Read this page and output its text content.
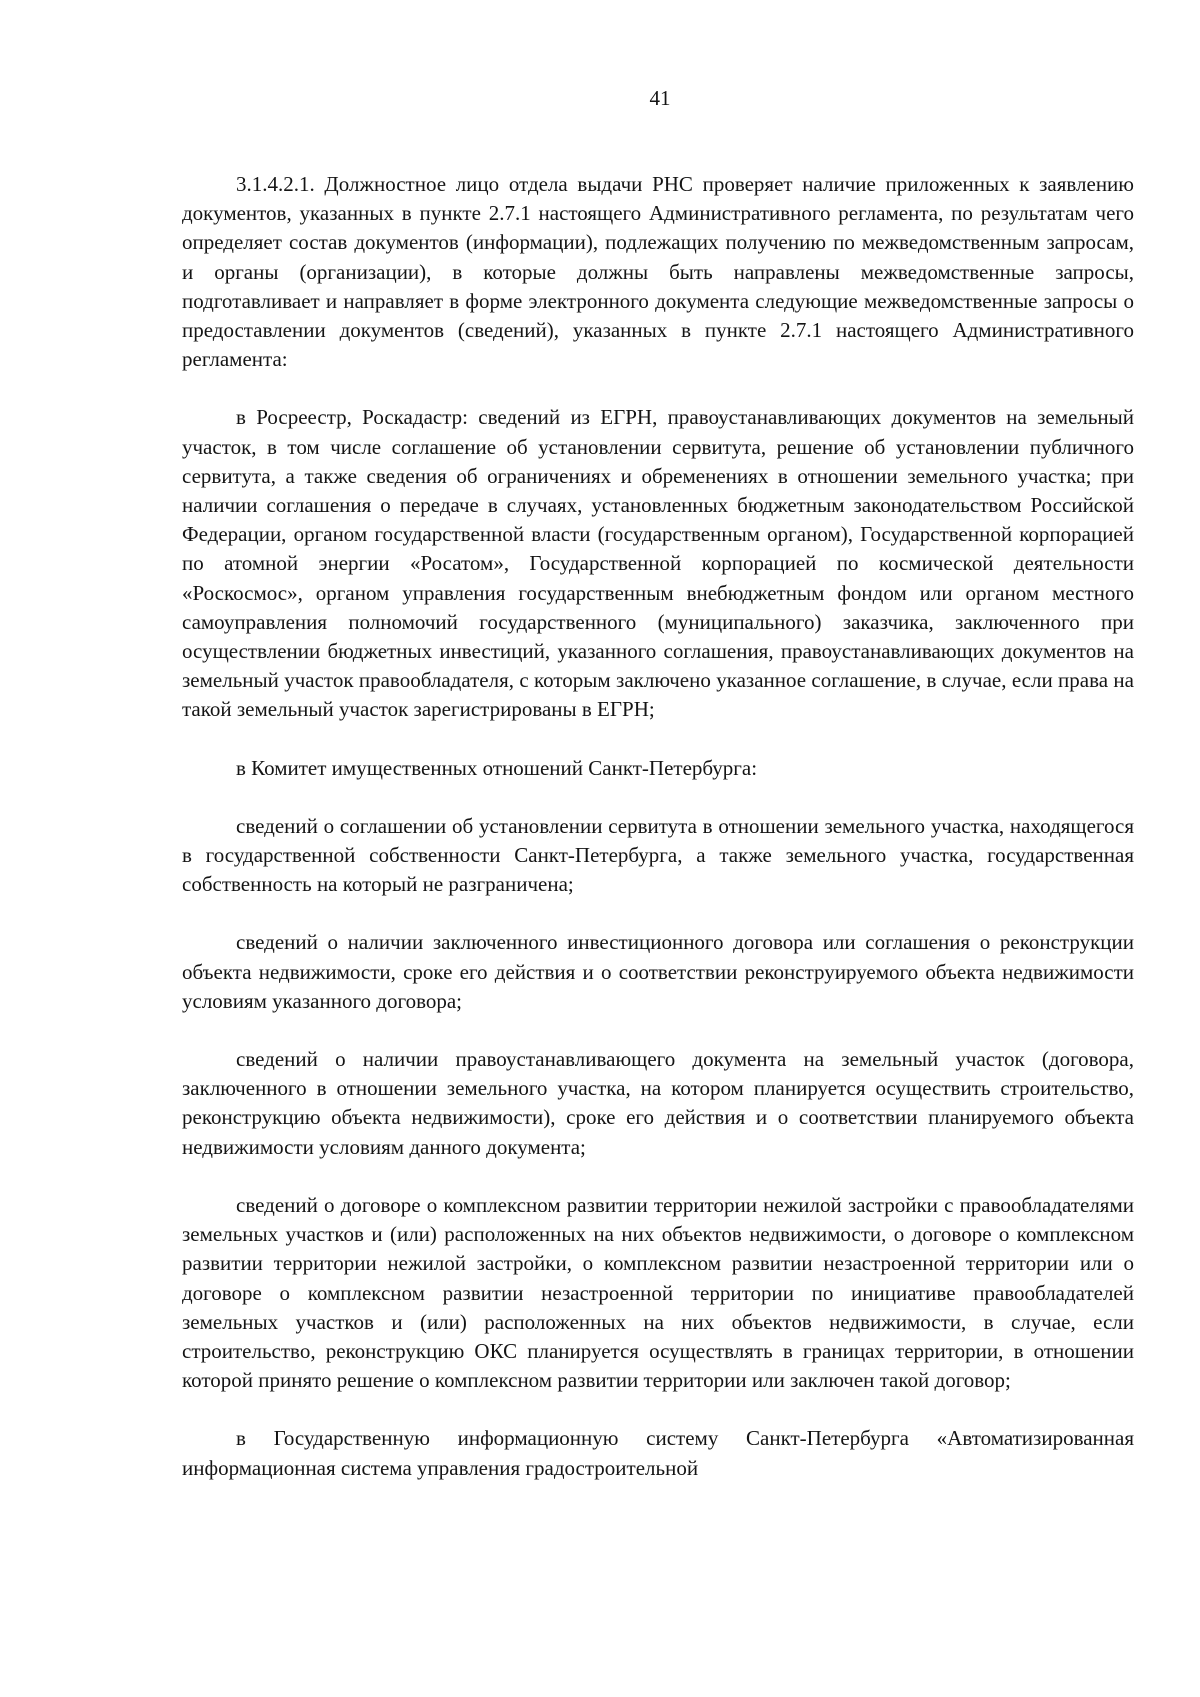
41

3.1.4.2.1. Должностное лицо отдела выдачи РНС проверяет наличие приложенных к заявлению документов, указанных в пункте 2.7.1 настоящего Административного регламента, по результатам чего определяет состав документов (информации), подлежащих получению по межведомственным запросам, и органы (организации), в которые должны быть направлены межведомственные запросы, подготавливает и направляет в форме электронного документа следующие межведомственные запросы о предоставлении документов (сведений), указанных в пункте 2.7.1 настоящего Административного регламента:

в Росреестр, Роскадастр: сведений из ЕГРН, правоустанавливающих документов на земельный участок, в том числе соглашение об установлении сервитута, решение об установлении публичного сервитута, а также сведения об ограничениях и обременениях в отношении земельного участка; при наличии соглашения о передаче в случаях, установленных бюджетным законодательством Российской Федерации, органом государственной власти (государственным органом), Государственной корпорацией по атомной энергии «Росатом», Государственной корпорацией по космической деятельности «Роскосмос», органом управления государственным внебюджетным фондом или органом местного самоуправления полномочий государственного (муниципального) заказчика, заключенного при осуществлении бюджетных инвестиций, указанного соглашения, правоустанавливающих документов на земельный участок правообладателя, с которым заключено указанное соглашение, в случае, если права на такой земельный участок зарегистрированы в ЕГРН;

в Комитет имущественных отношений Санкт-Петербурга:

сведений о соглашении об установлении сервитута в отношении земельного участка, находящегося в государственной собственности Санкт-Петербурга, а также земельного участка, государственная собственность на который не разграничена;

сведений о наличии заключенного инвестиционного договора или соглашения о реконструкции объекта недвижимости, сроке его действия и о соответствии реконструируемого объекта недвижимости условиям указанного договора;

сведений о наличии правоустанавливающего документа на земельный участок (договора, заключенного в отношении земельного участка, на котором планируется осуществить строительство, реконструкцию объекта недвижимости), сроке его действия и о соответствии планируемого объекта недвижимости условиям данного документа;

сведений о договоре о комплексном развитии территории нежилой застройки с правообладателями земельных участков и (или) расположенных на них объектов недвижимости, о договоре о комплексном развитии территории нежилой застройки, о комплексном развитии незастроенной территории или о договоре о комплексном развитии незастроенной территории по инициативе правообладателей земельных участков и (или) расположенных на них объектов недвижимости, в случае, если строительство, реконструкцию ОКС планируется осуществлять в границах территории, в отношении которой принято решение о комплексном развитии территории или заключен такой договор;

в Государственную информационную систему Санкт-Петербурга «Автоматизированная информационная система управления градостроительной
